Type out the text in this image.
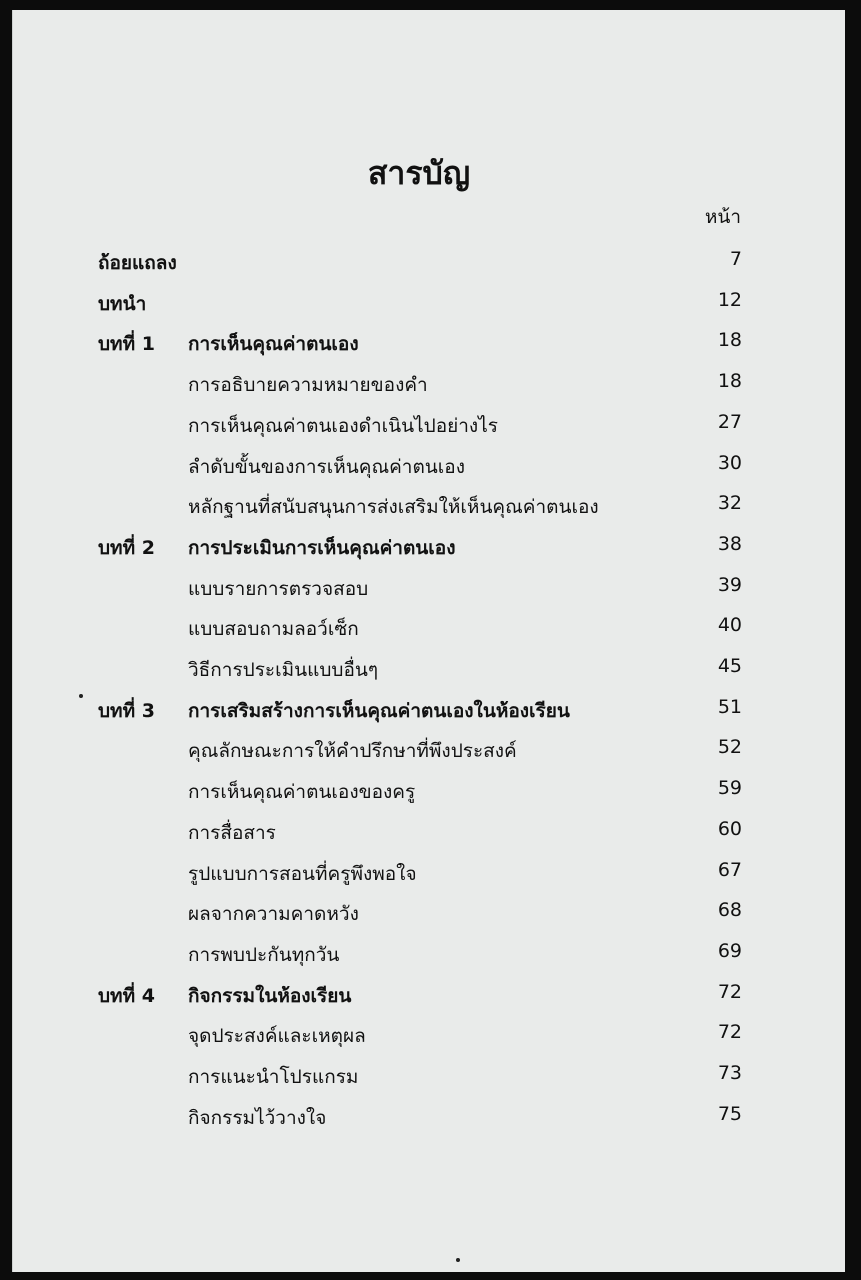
สารบัญ
หน้า
ถ้อยแถลง	7
บทนำ	12
บทที่ 1 การเห็นคุณค่าตนเอง	18
การอธิบายความหมายของคำ	18
การเห็นคุณค่าตนเองดำเนินไปอย่างไร	27
ลำดับขั้นของการเห็นคุณค่าตนเอง	30
หลักฐานที่สนับสนุนการส่งเสริมให้เห็นคุณค่าตนเอง	32
บทที่ 2 การประเมินการเห็นคุณค่าตนเอง	38
แบบรายการตรวจสอบ	39
แบบสอบถามลอว์เซ็ก	40
วิธีการประเมินแบบอื่นๆ	45
บทที่ 3 การเสริมสร้างการเห็นคุณค่าตนเองในห้องเรียน	51
คุณลักษณะการให้คำปรึกษาที่พึงประสงค์	52
การเห็นคุณค่าตนเองของครู	59
การสื่อสาร	60
รูปแบบการสอนที่ครูพึงพอใจ	67
ผลจากความคาดหวัง	68
การพบปะกันทุกวัน	69
บทที่ 4 กิจกรรมในห้องเรียน	72
จุดประสงค์และเหตุผล	72
การแนะนำโปรแกรม	73
กิจกรรมไว้วางใจ	75
